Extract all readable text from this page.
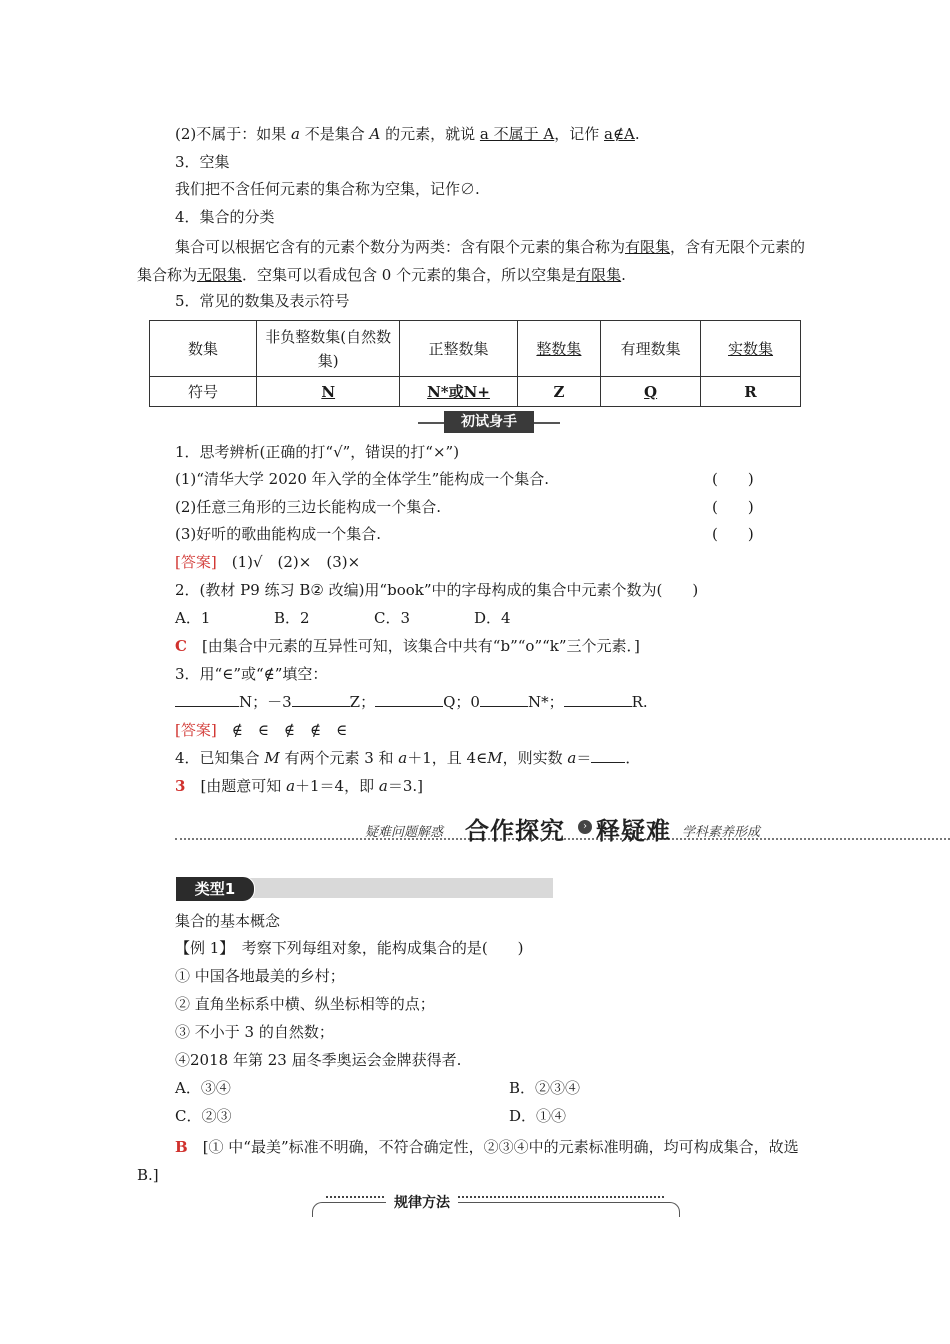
(2)不属于：如果 a 不是集合 A 的元素，就说 a 不属于 A，记作 a∉A.
3．空集
我们把不含任何元素的集合称为空集，记作∅.
4．集合的分类
集合可以根据它含有的元素个数分为两类：含有限个元素的集合称为有限集，含有无限个元素的集合称为无限集．空集可以看成包含 0 个元素的集合，所以空集是有限集.
5．常见的数集及表示符号
数集	非负整数集(自然数集)	正整数集	整数集	有理数集	实数集
符号	N	N*或N+	Z	Q	R
初试身手
1．思考辨析(正确的打“√”，错误的打“×”)
(1)“清华大学 2020 年入学的全体学生”能构成一个集合.	(　　)
(2)任意三角形的三边长能构成一个集合.	(　　)
(3)好听的歌曲能构成一个集合.	(　　)
[答案]　(1)√　(2)×　(3)×
2．(教材 P9 练习 B② 改编)用“book”中的字母构成的集合中元素个数为(　　)
A．1	B．2	C．3	D．4
C　[由集合中元素的互异性可知，该集合中共有“b”“o”“k”三个元素．]
3．用“∈”或“∉”填空：
N；－3	Z；	Q；0	N*；	R.
[答案]　∉　∈　∉　∉　∈
4．已知集合 M 有两个元素 3 和 a＋1，且 4∈M，则实数 a＝ ．
3　[由题意可知 a＋1＝4，即 a＝3.]
疑难问题解惑 合作探究	› 释疑难 学科素养形成
类型1
集合的基本概念
【例 1】　考察下列每组对象，能构成集合的是(　　)
① 中国各地最美的乡村；
② 直角坐标系中横、纵坐标相等的点；
③ 不小于 3 的自然数；
④2018 年第 23 届冬季奥运会金牌获得者.
A．③④	B．②③④
C．②③	D．①④
B　[① 中“最美”标准不明确，不符合确定性，②③④中的元素标准明确，均可构成集合，故选 B.]
规律方法
